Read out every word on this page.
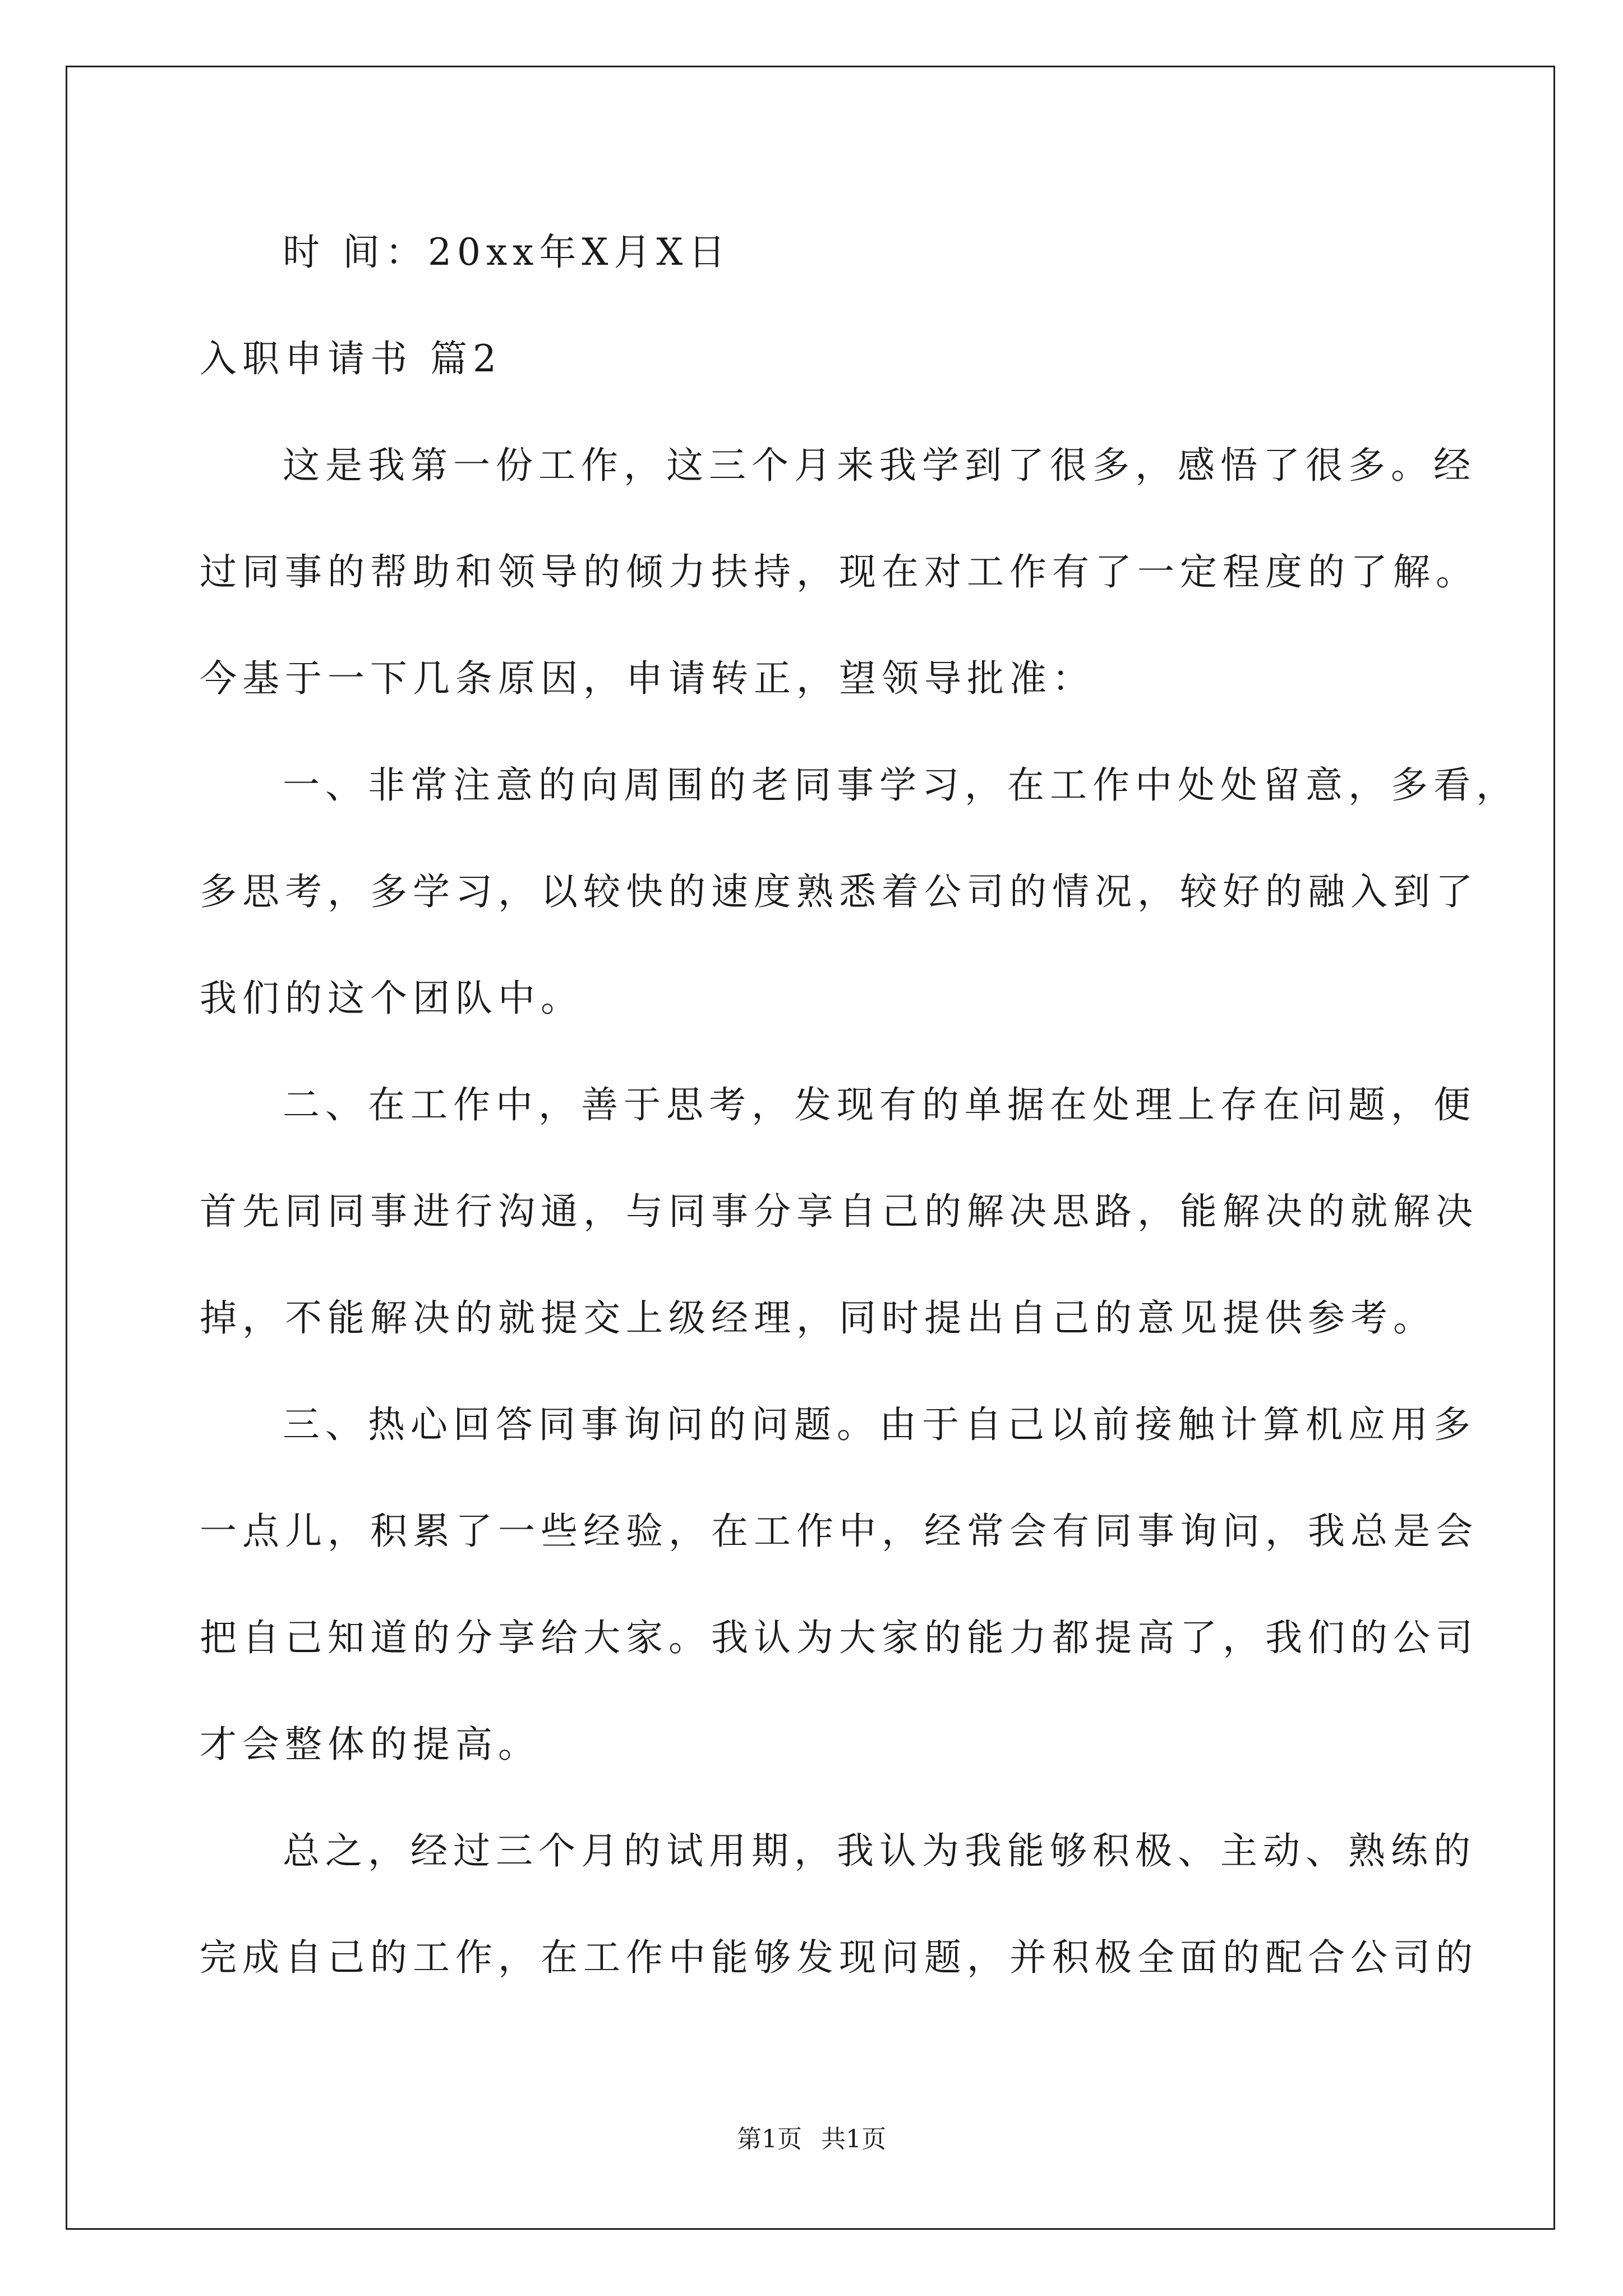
时 间：20xx年X月X日
入职申请书 篇2
这是我第一份工作，这三个月来我学到了很多，感悟了很多。经
过同事的帮助和领导的倾力扶持，现在对工作有了一定程度的了解。
今基于一下几条原因，申请转正，望领导批准：
一、非常注意的向周围的老同事学习，在工作中处处留意，多看，
多思考，多学习，以较快的速度熟悉着公司的情况，较好的融入到了
我们的这个团队中。
二、在工作中，善于思考，发现有的单据在处理上存在问题，便
首先同同事进行沟通，与同事分享自己的解决思路，能解决的就解决
掉，不能解决的就提交上级经理，同时提出自己的意见提供参考。
三、热心回答同事询问的问题。由于自己以前接触计算机应用多
一点儿，积累了一些经验，在工作中，经常会有同事询问，我总是会
把自己知道的分享给大家。我认为大家的能力都提高了，我们的公司
才会整体的提高。
总之，经过三个月的试用期，我认为我能够积极、主动、熟练的
完成自己的工作，在工作中能够发现问题，并积极全面的配合公司的
第1页 共1页
